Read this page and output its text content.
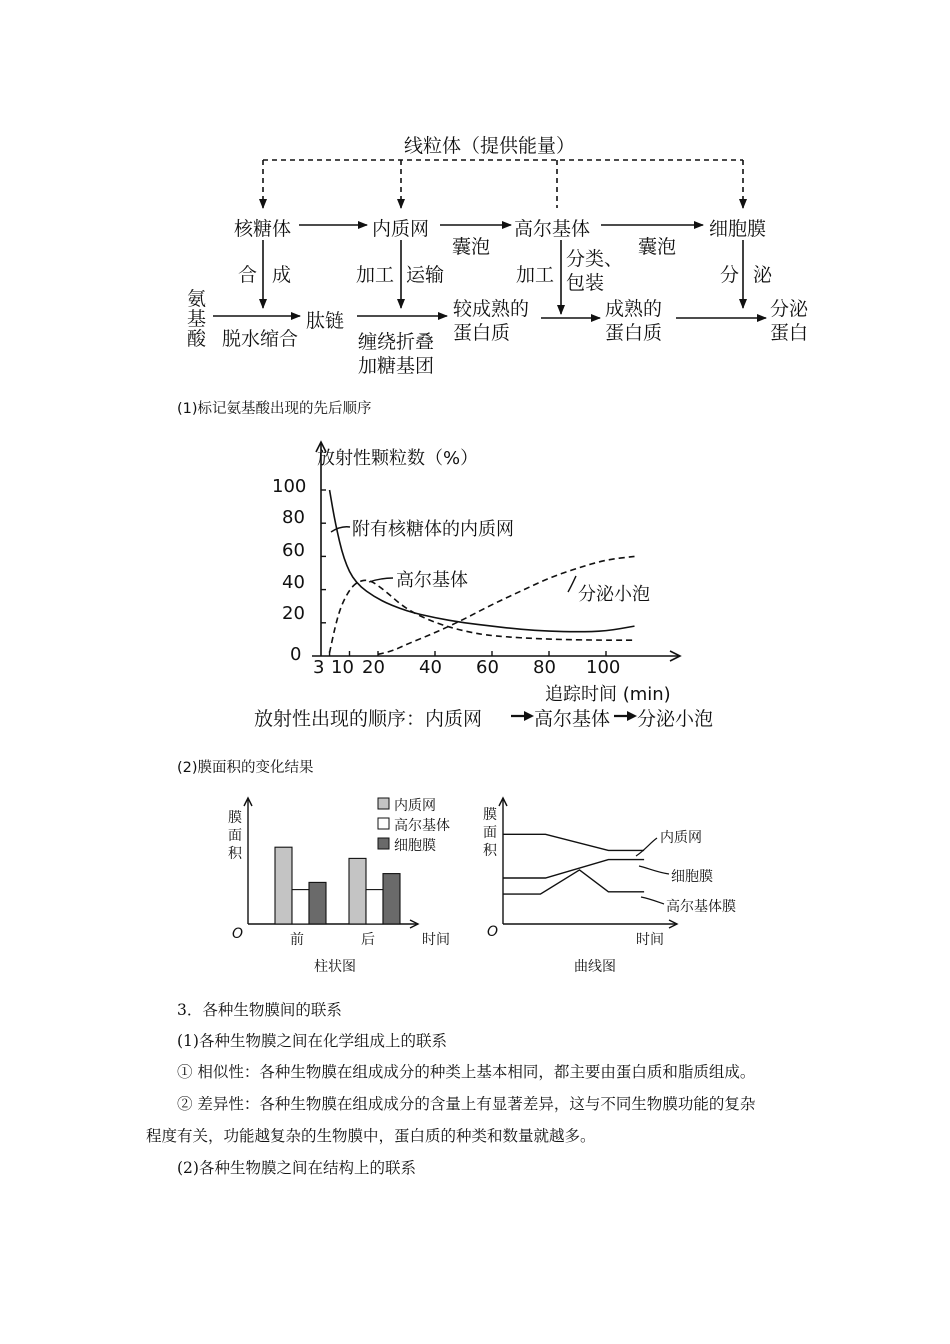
线粒体（提供能量）
核糖体	内质网	高尔基体	细胞膜
囊泡	囊泡
合 成	加工 运输	加工
分类、
包装	分 泌
氨
基
酸 脱水缩合
肽链
缠绕折叠
加糖基团
较成熟的
蛋白质
成熟的
蛋白质
分泌
蛋白
(1)标记氨基酸出现的先后顺序
放射性颗粒数（%）
100
80
60
40
20
0
3 10 20 40 60 80 100
追踪时间 (min)
附有核糖体的内质网
高尔基体
分泌小泡
放射性出现的顺序： 内质网	高尔基体 分泌小泡
(2)膜面积的变化结果
膜
面
积
O	前	后	时间
内质网
高尔基体
细胞膜
柱状图
膜
面
积
O	时间
内质网
细胞膜
高尔基体膜
曲线图
3．各种生物膜间的联系
(1)各种生物膜之间在化学组成上的联系
① 相似性：各种生物膜在组成成分的种类上基本相同，都主要由蛋白质和脂质组成。
② 差异性：各种生物膜在组成成分的含量上有显著差异，这与不同生物膜功能的复杂
程度有关，功能越复杂的生物膜中，蛋白质的种类和数量就越多。
(2)各种生物膜之间在结构上的联系
